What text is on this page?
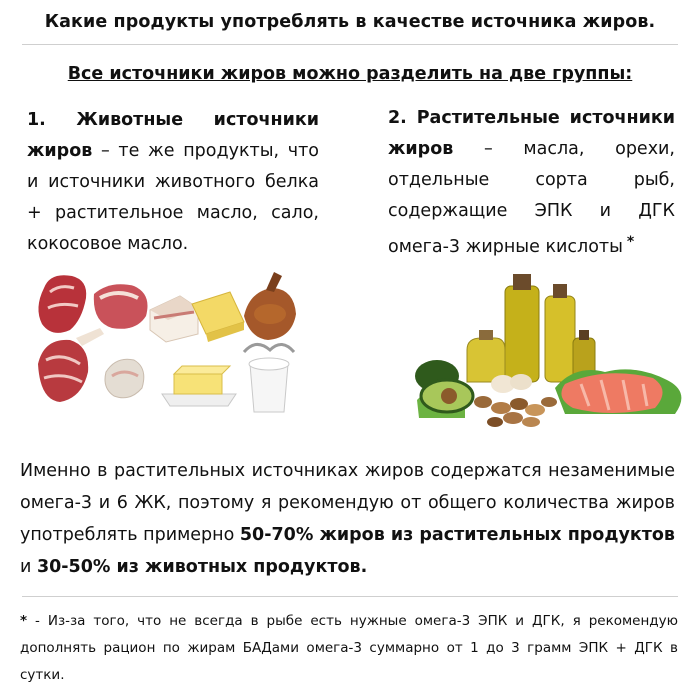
Какие продукты употреблять в качестве источника жиров.
Все источники жиров можно разделить на две группы:
1. Животные источники жиров – те же продукты, что и источники животного белка + растительное масло, сало, кокосовое масло.
2. Растительные источники жиров – масла, орехи, отдельные сорта рыб, содержащие ЭПК и ДГК омега-3 жирные кислоты *
Именно в растительных источниках жиров содержатся незаменимые омега-3 и 6 ЖК, поэтому я рекомендую от общего количества жиров употреблять примерно 50-70% жиров из растительных продуктов и 30-50% из животных продуктов.
* - Из-за того, что не всегда в рыбе есть нужные омега-3 ЭПК и ДГК, я рекомендую дополнять рацион по жирам БАДами омега-3 суммарно от 1 до 3 грамм ЭПК + ДГК в сутки.
